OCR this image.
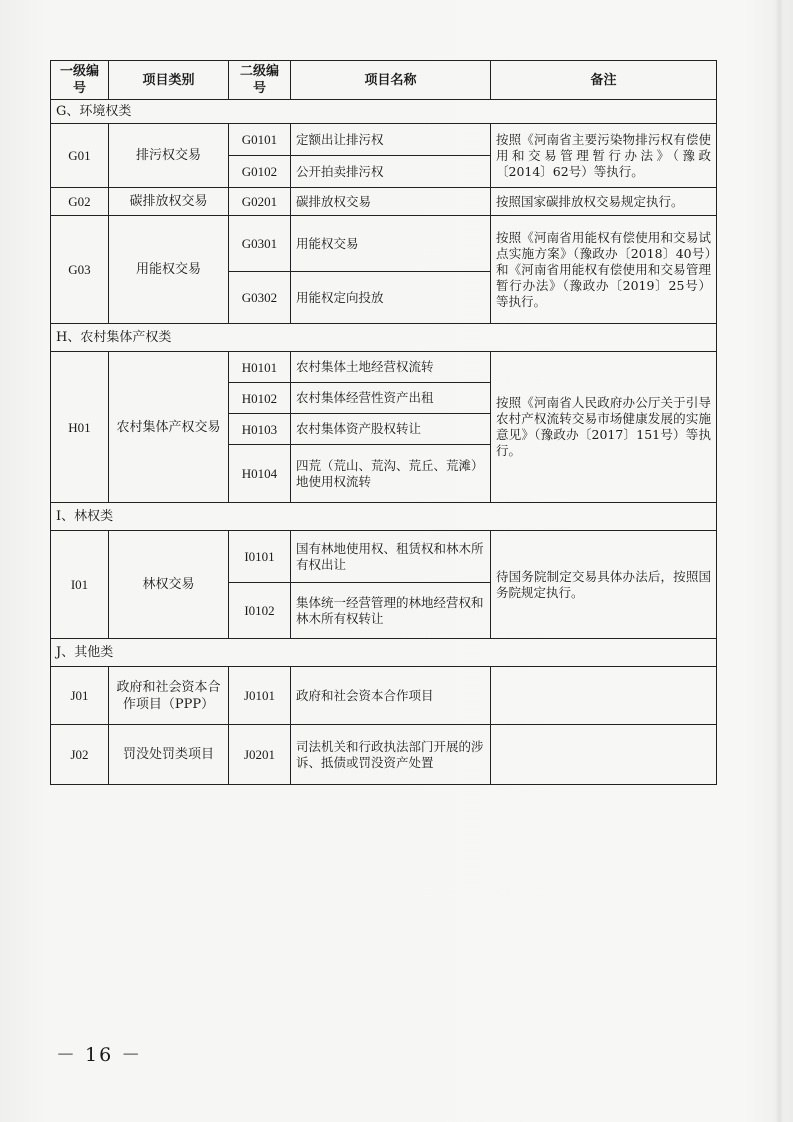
一级编号	项目类别	二级编号	项目名称	备注
G、环境权类				
G01	排污权交易	G0101	定额出让排污权	按照《河南省主要污染物排污权有偿使用和交易管理暂行办法》（豫政〔2014〕62号）等执行。
		G0102	公开拍卖排污权	
G02	碳排放权交易	G0201	碳排放权交易	按照国家碳排放权交易规定执行。
G03	用能权交易	G0301	用能权交易	按照《河南省用能权有偿使用和交易试点实施方案》（豫政办〔2018〕40号）和《河南省用能权有偿使用和交易管理暂行办法》（豫政办〔2019〕25号）等执行。
		G0302	用能权定向投放	
H、农村集体产权类				
H01	农村集体产权交易	H0101	农村集体土地经营权流转	按照《河南省人民政府办公厅关于引导农村产权流转交易市场健康发展的实施意见》（豫政办〔2017〕151号）等执行。
		H0102	农村集体经营性资产出租	
		H0103	农村集体资产股权转让	
		H0104	四荒（荒山、荒沟、荒丘、荒滩）地使用权流转	
I、林权类				
I01	林权交易	I0101	国有林地使用权、租赁权和林木所有权出让	待国务院制定交易具体办法后，按照国务院规定执行。
		I0102	集体统一经营管理的林地经营权和林木所有权转让	
J、其他类				
J01	政府和社会资本合作项目（PPP）	J0101	政府和社会资本合作项目	
J02	罚没处罚类项目	J0201	司法机关和行政执法部门开展的涉诉、抵债或罚没资产处置	
－ 16 －
